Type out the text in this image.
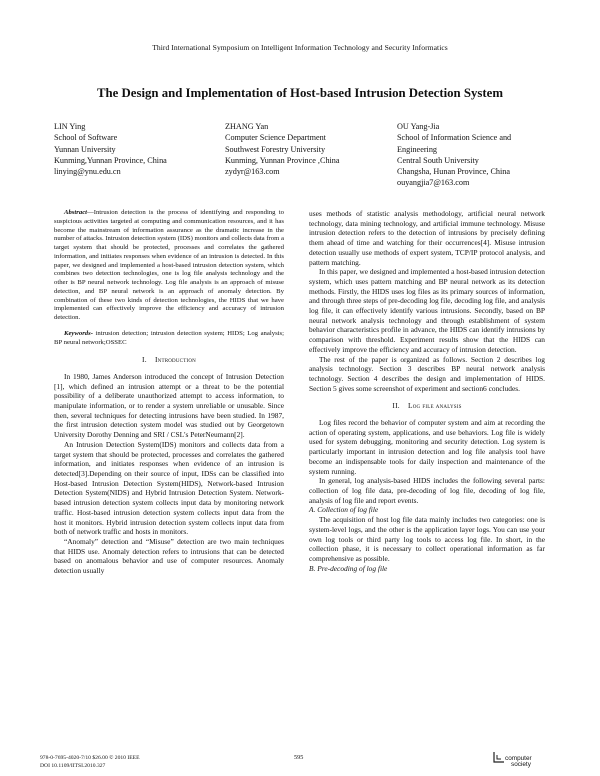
Third International Symposium on Intelligent Information Technology and Security Informatics
The Design and Implementation of Host-based Intrusion Detection System
LIN Ying
School of Software
Yunnan University
Kunming,Yunnan Province, China
linying@ynu.edu.cn
ZHANG Yan
Computer Science Department
Southwest Forestry University
Kunming, Yunnan Province ,China
zydyr@163.com
OU Yang-Jia
School of Information Science and
Engineering
Central South University
Changsha, Hunan Province, China
ouyangjia7@163.com

Abstract—Intrusion detection is the process of identifying and responding to suspicious activities targeted at computing and communication resources, and it has become the mainstream of information assurance as the dramatic increase in the number of attacks. Intrusion detection system (IDS) monitors and collects data from a target system that should be protected, processes and correlates the gathered information, and initiates responses when evidence of an intrusion is detected. In this paper, we designed and implemented a host-based intrusion detection system, which combines two detection technologies, one is log file analysis technology and the other is BP neural network technology. Log file analysis is an approach of misuse detection, and BP neural network is an approach of anomaly detection. By combination of these two kinds of detection technologies, the HIDS that we have implemented can effectively improve the efficiency and accuracy of intrusion detection.

Keywords- intrusion detection; intrusion detection system; HIDS; Log analysis; BP neural network;OSSEC

I. Introduction

In 1980, James Anderson introduced the concept of Intrusion Detection [1], which defined an intrusion attempt or a threat to be the potential possibility of a deliberate unauthorized attempt to access information, to manipulate information, or to render a system unreliable or unusable. Since then, several techniques for detecting intrusions have been studied. In 1987, the first intrusion detection system model was studied out by Georgetown University Dorothy Denning and SRI / CSL's PeterNeumann[2].

An Intrusion Detection System(IDS) monitors and collects data from a target system that should be protected, processes and correlates the gathered information, and initiates responses when evidence of an intrusion is detected[3].Depending on their source of input, IDSs can be classified into Host-based Intrusion Detection System(HIDS), Network-based Intrusion Detection System(NIDS) and Hybrid Intrusion Detection System. Network-based intrusion detection system collects input data by monitoring network traffic. Host-based intrusion detection system collects input data from the host it monitors. Hybrid intrusion detection system collects input data from both of network traffic and hosts in monitors.

“Anomaly” detection and “Misuse” detection are two main techniques that HIDS use. Anomaly detection refers to intrusions that can be detected based on anomalous behavior and use of computer resources. Anomaly detection usually

uses methods of statistic analysis methodology, artificial neural network technology, data mining technology, and artificial immune technology. Misuse intrusion detection refers to the detection of intrusions by precisely defining them ahead of time and watching for their occurrences[4]. Misuse intrusion detection usually use methods of expert system, TCP/IP protocol analysis, and pattern matching.

In this paper, we designed and implemented a host-based intrusion detection system, which uses pattern matching and BP neural network as its detection methods. Firstly, the HIDS uses log files as its primary sources of information, and through three steps of pre-decoding log file, decoding log file, and analysis log file, it can effectively identify various intrusions. Secondly, based on BP neural network analysis technology and through establishment of system behavior characteristics profile in advance, the HIDS can identify intrusions by comparison with threshold. Experiment results show that the HIDS can effectively improve the efficiency and accuracy of intrusion detection.

The rest of the paper is organized as follows. Section 2 describes log analysis technology. Section 3 describes BP neural network analysis technology. Section 4 describes the design and implementation of HIDS. Section 5 gives some screenshot of experiment and section6 concludes.

II. Log file analysis

Log files record the behavior of computer system and aim at recording the action of operating system, applications, and use behaviors. Log file is widely used for system debugging, monitoring and security detection. Log system is particularly important in intrusion detection and log file analysis tool have become an indispensable tools for daily inspection and maintenance of the system running.

In general, log analysis-based HIDS includes the following several parts: collection of log file data, pre-decoding of log file, decoding of log file, analysis of log file and report events.

A. Collection of log file

The acquisition of host log file data mainly includes two categories: one is system-level logs, and the other is the application layer logs. You can use your own log tools or third party log tools to access log file. In short, in the collection phase, it is necessary to collect operational information as far comprehensive as possible.

B. Pre-decoding of log file
978-0-7695-4020-7/10 $26.00 © 2010 IEEE
DOI 10.1109/IITSI.2010.327
595	computer
society
